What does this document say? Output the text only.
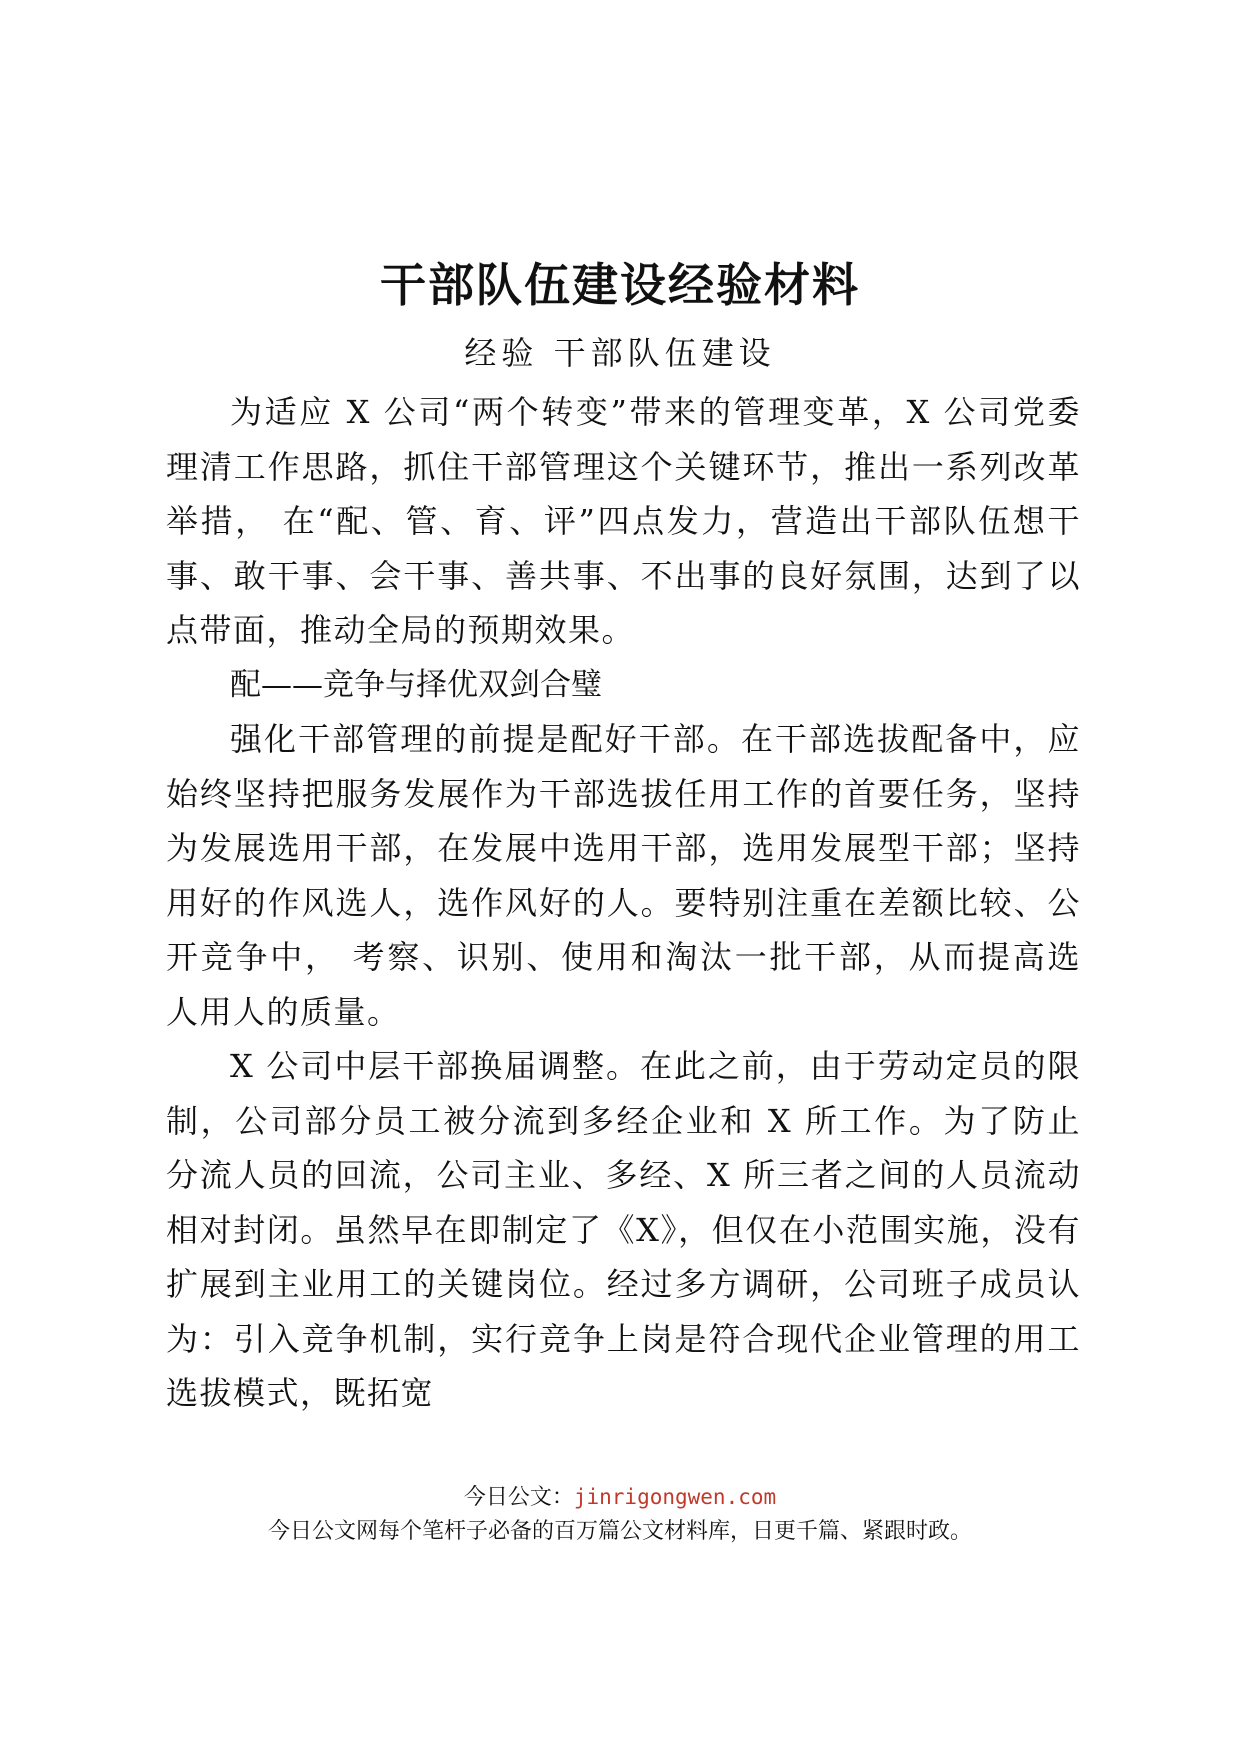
干部队伍建设经验材料
经验 干部队伍建设

为适应 X 公司“两个转变”带来的管理变革，X 公司党委理清工作思路，抓住干部管理这个关键环节，推出一系列改革举措， 在“配、管、育、评”四点发力，营造出干部队伍想干事、敢干事、会干事、善共事、不出事的良好氛围，达到了以点带面，推动全局的预期效果。

配——竞争与择优双剑合璧

强化干部管理的前提是配好干部。在干部选拔配备中，应始终坚持把服务发展作为干部选拔任用工作的首要任务，坚持为发展选用干部，在发展中选用干部，选用发展型干部；坚持用好的作风选人，选作风好的人。要特别注重在差额比较、公开竞争中， 考察、识别、使用和淘汰一批干部，从而提高选人用人的质量。

X 公司中层干部换届调整。在此之前，由于劳动定员的限制，公司部分员工被分流到多经企业和 X 所工作。为了防止分流人员的回流，公司主业、多经、X 所三者之间的人员流动相对封闭。虽然早在即制定了《X》，但仅在小范围实施，没有扩展到主业用工的关键岗位。经过多方调研，公司班子成员认为：引入竞争机制，实行竞争上岗是符合现代企业管理的用工选拔模式，既拓宽

今日公文：jinrigongwen.com
今日公文网每个笔杆子必备的百万篇公文材料库，日更千篇、紧跟时政。
